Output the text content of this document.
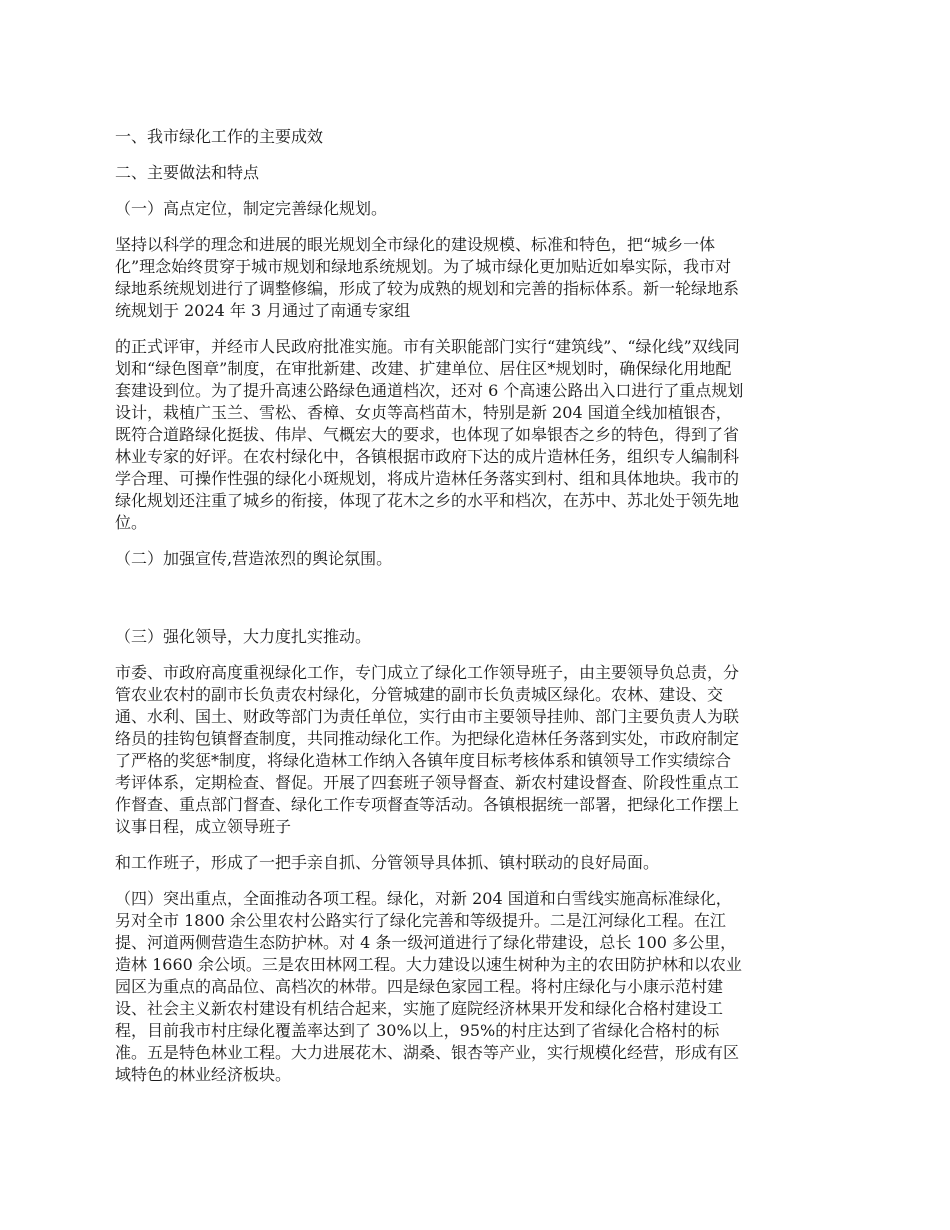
一、我市绿化工作的主要成效

二、主要做法和特点

（一）高点定位，制定完善绿化规划。

坚持以科学的理念和进展的眼光规划全市绿化的建设规模、标准和特色，把“城乡一体

化”理念始终贯穿于城市规划和绿地系统规划。为了城市绿化更加贴近如皋实际，我市对

绿地系统规划进行了调整修编，形成了较为成熟的规划和完善的指标体系。新一轮绿地系

统规划于 2024 年 3 月通过了南通专家组

的正式评审，并经市人民政府批准实施。市有关职能部门实行“建筑线”、“绿化线”双线同

划和“绿色图章”制度，在审批新建、改建、扩建单位、居住区*规划时，确保绿化用地配

套建设到位。为了提升高速公路绿色通道档次，还对 6 个高速公路出入口进行了重点规划

设计，栽植广玉兰、雪松、香樟、女贞等高档苗木，特别是新 204 国道全线加植银杏，

既符合道路绿化挺拔、伟岸、气概宏大的要求，也体现了如皋银杏之乡的特色，得到了省

林业专家的好评。在农村绿化中，各镇根据市政府下达的成片造林任务，组织专人编制科

学合理、可操作性强的绿化小斑规划，将成片造林任务落实到村、组和具体地块。我市的

绿化规划还注重了城乡的衔接，体现了花木之乡的水平和档次，在苏中、苏北处于领先地

位。

（二）加强宣传,营造浓烈的舆论氛围。

（三）强化领导，大力度扎实推动。

市委、市政府高度重视绿化工作，专门成立了绿化工作领导班子，由主要领导负总责，分

管农业农村的副市长负责农村绿化，分管城建的副市长负责城区绿化。农林、建设、交

通、水利、国土、财政等部门为责任单位，实行由市主要领导挂帅、部门主要负责人为联

络员的挂钩包镇督查制度，共同推动绿化工作。为把绿化造林任务落到实处，市政府制定

了严格的奖惩*制度，将绿化造林工作纳入各镇年度目标考核体系和镇领导工作实绩综合

考评体系，定期检查、督促。开展了四套班子领导督查、新农村建设督查、阶段性重点工

作督查、重点部门督查、绿化工作专项督查等活动。各镇根据统一部署，把绿化工作摆上

议事日程，成立领导班子

和工作班子，形成了一把手亲自抓、分管领导具体抓、镇村联动的良好局面。

（四）突出重点，全面推动各项工程。绿化，对新 204 国道和白雪线实施高标准绿化，

另对全市 1800 余公里农村公路实行了绿化完善和等级提升。二是江河绿化工程。在江

提、河道两侧营造生态防护林。对 4 条一级河道进行了绿化带建设，总长 100 多公里，

造林 1660 余公顷。三是农田林网工程。大力建设以速生树种为主的农田防护林和以农业

园区为重点的高品位、高档次的林带。四是绿色家园工程。将村庄绿化与小康示范村建

设、社会主义新农村建设有机结合起来，实施了庭院经济林果开发和绿化合格村建设工

程，目前我市村庄绿化覆盖率达到了 30%以上，95%的村庄达到了省绿化合格村的标

准。五是特色林业工程。大力进展花木、湖桑、银杏等产业，实行规模化经营，形成有区

域特色的林业经济板块。
